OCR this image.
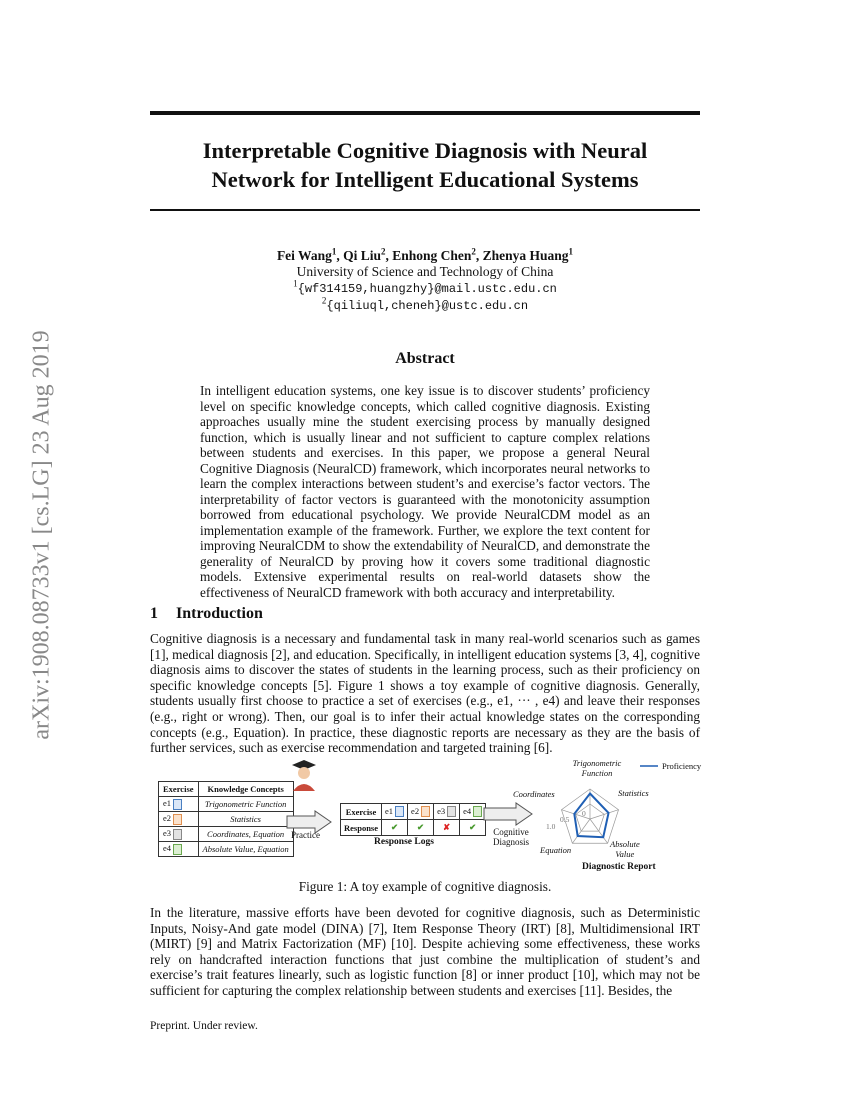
arXiv:1908.08733v1 [cs.LG] 23 Aug 2019
Interpretable Cognitive Diagnosis with Neural
Network for Intelligent Educational Systems
Fei Wang$^1$, Qi Liu$^2$, Enhong Chen$^2$, Zhenya Huang$^1$
University of Science and Technology of China
$^1${wf314159,huangzhy}@mail.ustc.edu.cn
$^2${qiliuql,cheneh}@ustc.edu.cn
Abstract
In intelligent education systems, one key issue is to discover students’ proficiency level on specific knowledge concepts, which called cognitive diagnosis. Existing approaches usually mine the student exercising process by manually designed function, which is usually linear and not sufficient to capture complex relations between students and exercises. In this paper, we propose a general Neural Cognitive Diagnosis (NeuralCD) framework, which incorporates neural networks to learn the complex interactions between student’s and exercise’s factor vectors. The interpretability of factor vectors is guaranteed with the monotonicity assumption borrowed from educational psychology. We provide NeuralCDM model as an implementation example of the framework. Further, we explore the text content for improving NeuralCDM to show the extendability of NeuralCD, and demonstrate the generality of NeuralCD by proving how it covers some traditional diagnostic models. Extensive experimental results on real-world datasets show the effectiveness of NeuralCD framework with both accuracy and interpretability.
1 Introduction
Cognitive diagnosis is a necessary and fundamental task in many real-world scenarios such as games [1], medical diagnosis [2], and education. Specifically, in intelligent education systems [3, 4], cognitive diagnosis aims to discover the states of students in the learning process, such as their proficiency on specific knowledge concepts [5]. Figure 1 shows a toy example of cognitive diagnosis. Generally, students usually first choose to practice a set of exercises (e.g., e1, ··· , e4) and leave their responses (e.g., right or wrong). Then, our goal is to infer their actual knowledge states on the corresponding concepts (e.g., Equation). In practice, these diagnostic reports are necessary as they are the basis of further services, such as exercise recommendation and targeted training [6].
Exercise	Knowledge Concepts
e1	Trigonometric Function
e2	Statistics
e3	Coordinates, Equation
e4	Absolute Value, Equation
Practice
Exercise	e1	e2	e3	e4
Response	✔	✔	✘	✔
Response Logs
Cognitive
Diagnosis
Proficiency
Trigonometric
Function
Statistics
Absolute
Value
Equation
Coordinates
0
0.5
1.0
Diagnostic Report
Figure 1: A toy example of cognitive diagnosis.
In the literature, massive efforts have been devoted for cognitive diagnosis, such as Deterministic Inputs, Noisy-And gate model (DINA) [7], Item Response Theory (IRT) [8], Multidimensional IRT (MIRT) [9] and Matrix Factorization (MF) [10]. Despite achieving some effectiveness, these works rely on handcrafted interaction functions that just combine the multiplication of student’s and exercise’s trait features linearly, such as logistic function [8] or inner product [10], which may not be sufficient for capturing the complex relationship between students and exercises [11]. Besides, the
Preprint. Under review.
